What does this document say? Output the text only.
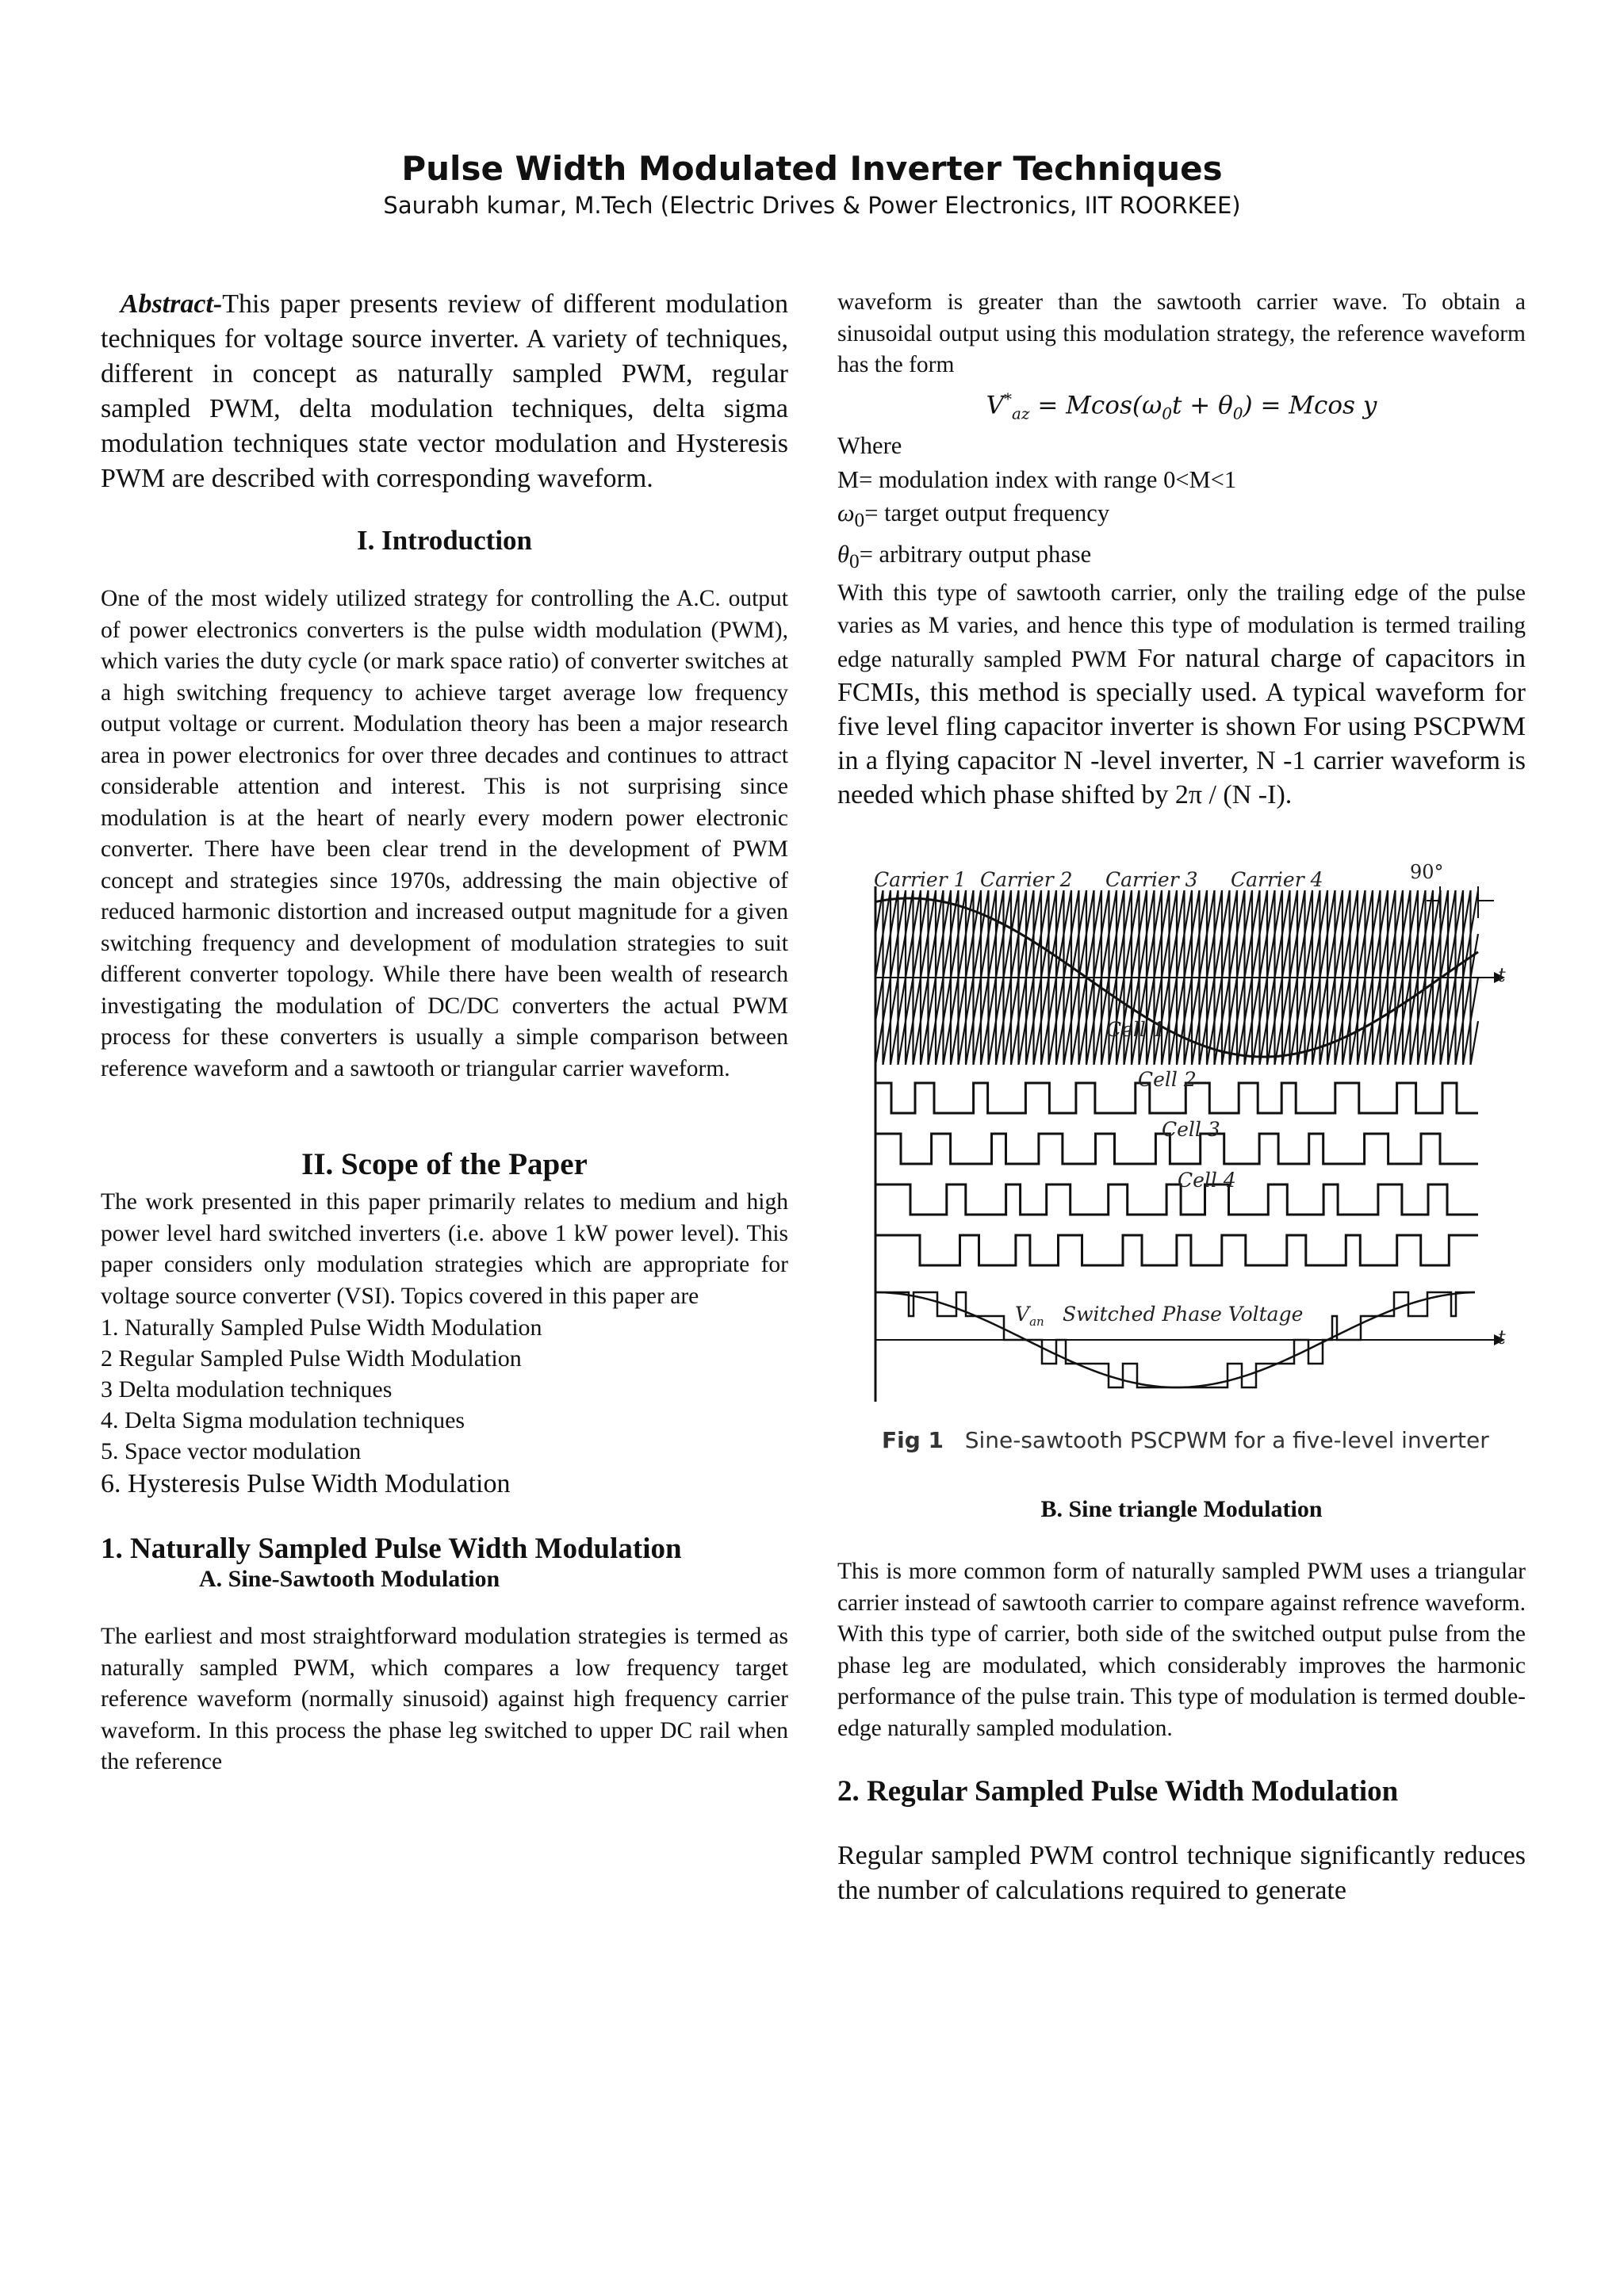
Pulse Width Modulated Inverter Techniques
Saurabh kumar, M.Tech (Electric Drives & Power Electronics, IIT ROORKEE)

Abstract-This paper presents review of different modulation techniques for voltage source inverter. A variety of techniques, different in concept as naturally sampled PWM, regular sampled PWM, delta modulation techniques, delta sigma modulation techniques state vector modulation and Hysteresis PWM are described with corresponding waveform.

I. Introduction

One of the most widely utilized strategy for controlling the A.C. output of power electronics converters is the pulse width modulation (PWM), which varies the duty cycle (or mark space ratio) of converter switches at a high switching frequency to achieve target average low frequency output voltage or current. Modulation theory has been a major research area in power electronics for over three decades and continues to attract considerable attention and interest. This is not surprising since modulation is at the heart of nearly every modern power electronic converter. There have been clear trend in the development of PWM concept and strategies since 1970s, addressing the main objective of reduced harmonic distortion and increased output magnitude for a given switching frequency and development of modulation strategies to suit different converter topology. While there have been wealth of research investigating the modulation of DC/DC converters the actual PWM process for these converters is usually a simple comparison between reference waveform and a sawtooth or triangular carrier waveform.

II. Scope of the Paper

The work presented in this paper primarily relates to medium and high power level hard switched inverters (i.e. above 1 kW power level). This paper considers only modulation strategies which are appropriate for voltage source converter (VSI). Topics covered in this paper are

1. Naturally Sampled Pulse Width Modulation

2 Regular Sampled Pulse Width Modulation

3 Delta modulation techniques

4. Delta Sigma modulation techniques

5. Space vector modulation

6. Hysteresis Pulse Width Modulation

1. Naturally Sampled Pulse Width Modulation

A. Sine-Sawtooth Modulation

The earliest and most straightforward modulation strategies is termed as naturally sampled PWM, which compares a low frequency target reference waveform (normally sinusoid) against high frequency carrier waveform. In this process the phase leg switched to upper DC rail when the reference

waveform is greater than the sawtooth carrier wave. To obtain a sinusoidal output using this modulation strategy, the reference waveform has the form

$V^*_{az} = Mcos(\omega_0t + \theta_0) = Mcos$ y

Where

M= modulation index with range 0<M<1

$\omega_0=$ target output frequency

$\theta_0=$ arbitrary output phase

With this type of sawtooth carrier, only the trailing edge of the pulse varies as M varies, and hence this type of modulation is termed trailing edge naturally sampled PWM For natural charge of capacitors in FCMIs, this method is specially used. A typical waveform for five level fling capacitor inverter is shown For using PSCPWM in a flying capacitor N -level inverter, N -1 carrier waveform is needed which phase shifted by 2π / (N -I).

Carrier 1 Carrier 2 Carrier 3 Carrier 4	90°
t
t
Cell 1
Cell 2
Cell 3
Cell 4
$V_{an}$ Switched Phase Voltage
Fig 1 Sine-sawtooth PSCPWM for a five-level inverter

B. Sine triangle Modulation

This is more common form of naturally sampled PWM uses a triangular carrier instead of sawtooth carrier to compare against refrence waveform. With this type of carrier, both side of the switched output pulse from the phase leg are modulated, which considerably improves the harmonic performance of the pulse train. This type of modulation is termed double-edge naturally sampled modulation.

2. Regular Sampled Pulse Width Modulation

Regular sampled PWM control technique significantly reduces the number of calculations required to generate
